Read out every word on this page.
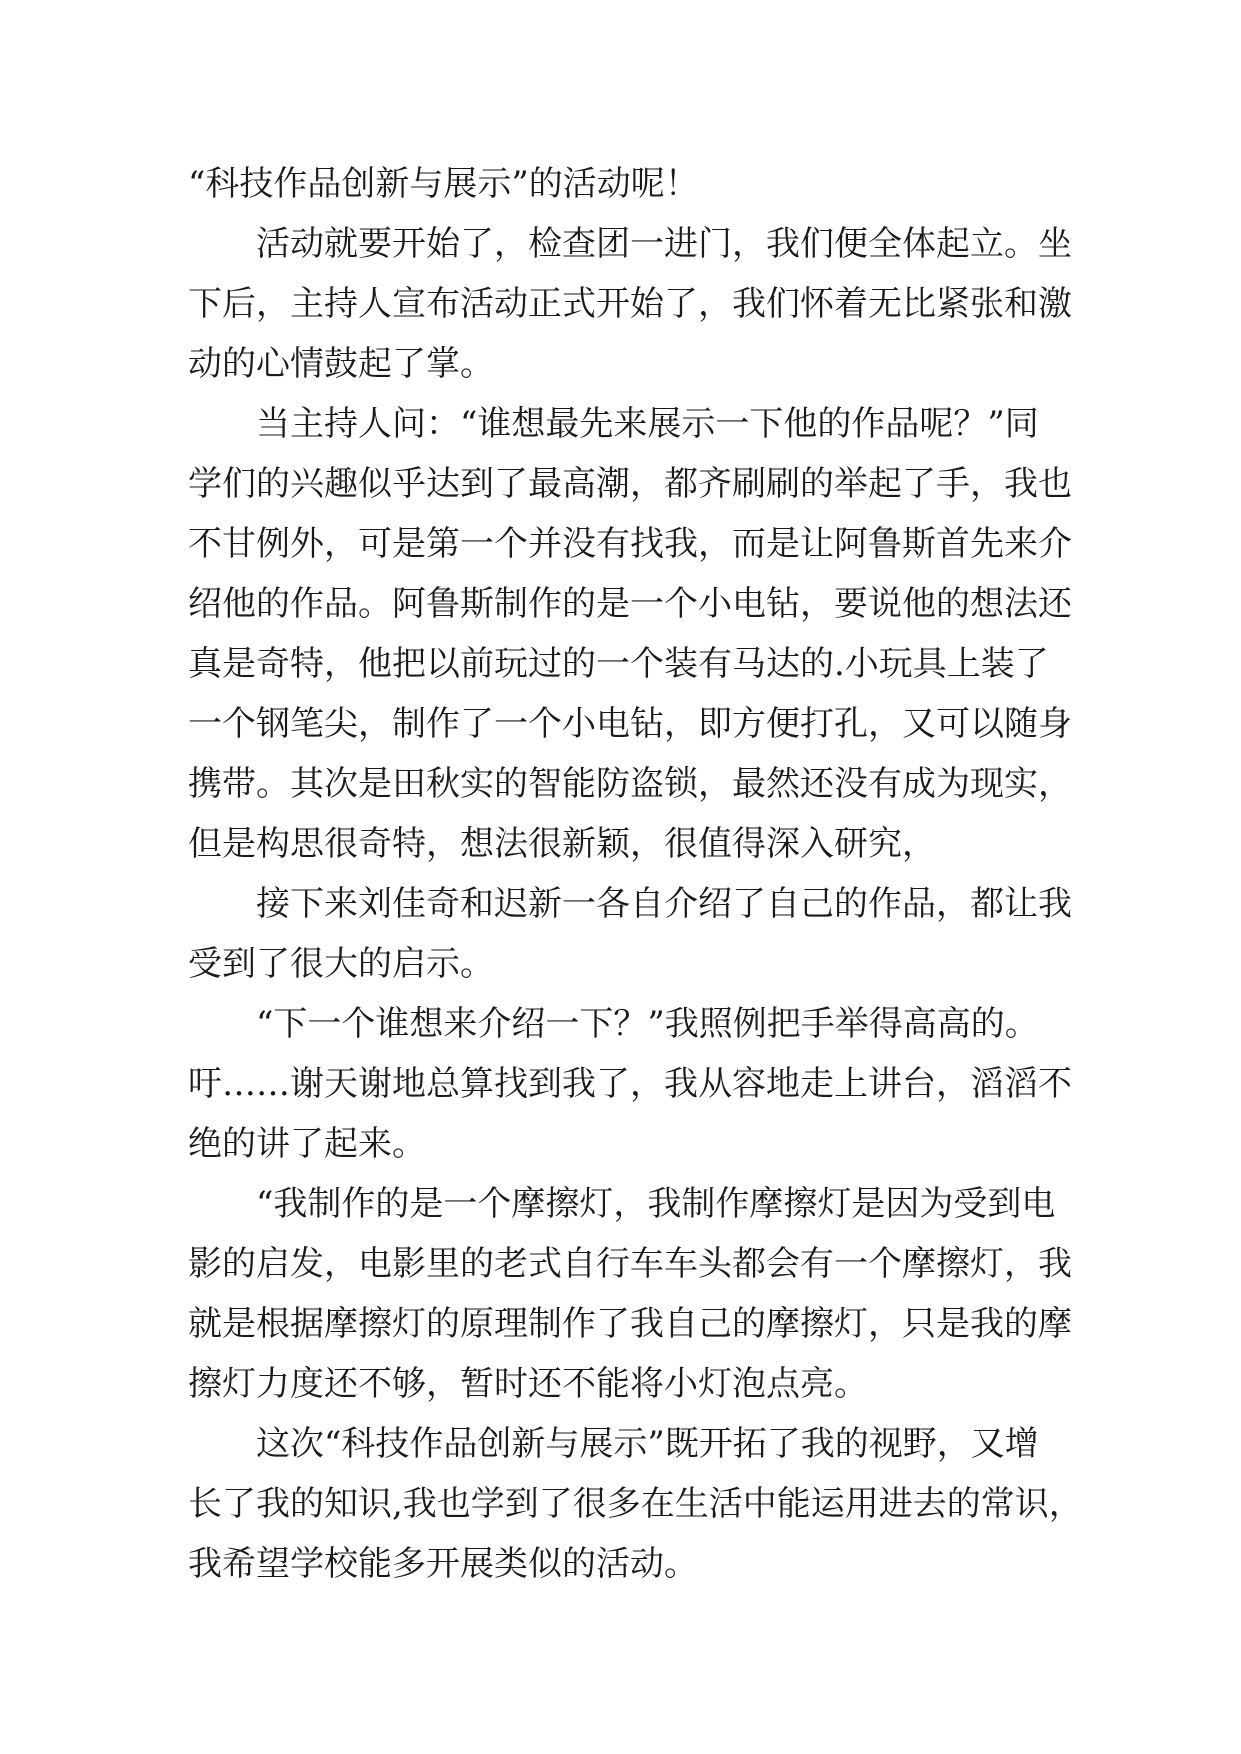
“科技作品创新与展示”的活动呢！
活动就要开始了，检查团一进门，我们便全体起立。坐
下后，主持人宣布活动正式开始了，我们怀着无比紧张和激
动的心情鼓起了掌。
当主持人问：“谁想最先来展示一下他的作品呢？”同
学们的兴趣似乎达到了最高潮，都齐刷刷的举起了手，我也
不甘例外，可是第一个并没有找我，而是让阿鲁斯首先来介
绍他的作品。阿鲁斯制作的是一个小电钻，要说他的想法还
真是奇特，他把以前玩过的一个装有马达的.小玩具上装了
一个钢笔尖，制作了一个小电钻，即方便打孔，又可以随身
携带。其次是田秋实的智能防盗锁，最然还没有成为现实，
但是构思很奇特，想法很新颖，很值得深入研究，
接下来刘佳奇和迟新一各自介绍了自己的作品，都让我
受到了很大的启示。
“下一个谁想来介绍一下？”我照例把手举得高高的。
吁……谢天谢地总算找到我了，我从容地走上讲台，滔滔不
绝的讲了起来。
“我制作的是一个摩擦灯，我制作摩擦灯是因为受到电
影的启发，电影里的老式自行车车头都会有一个摩擦灯，我
就是根据摩擦灯的原理制作了我自己的摩擦灯，只是我的摩
擦灯力度还不够，暂时还不能将小灯泡点亮。
这次“科技作品创新与展示”既开拓了我的视野，又增
长了我的知识,我也学到了很多在生活中能运用进去的常识，
我希望学校能多开展类似的活动。
